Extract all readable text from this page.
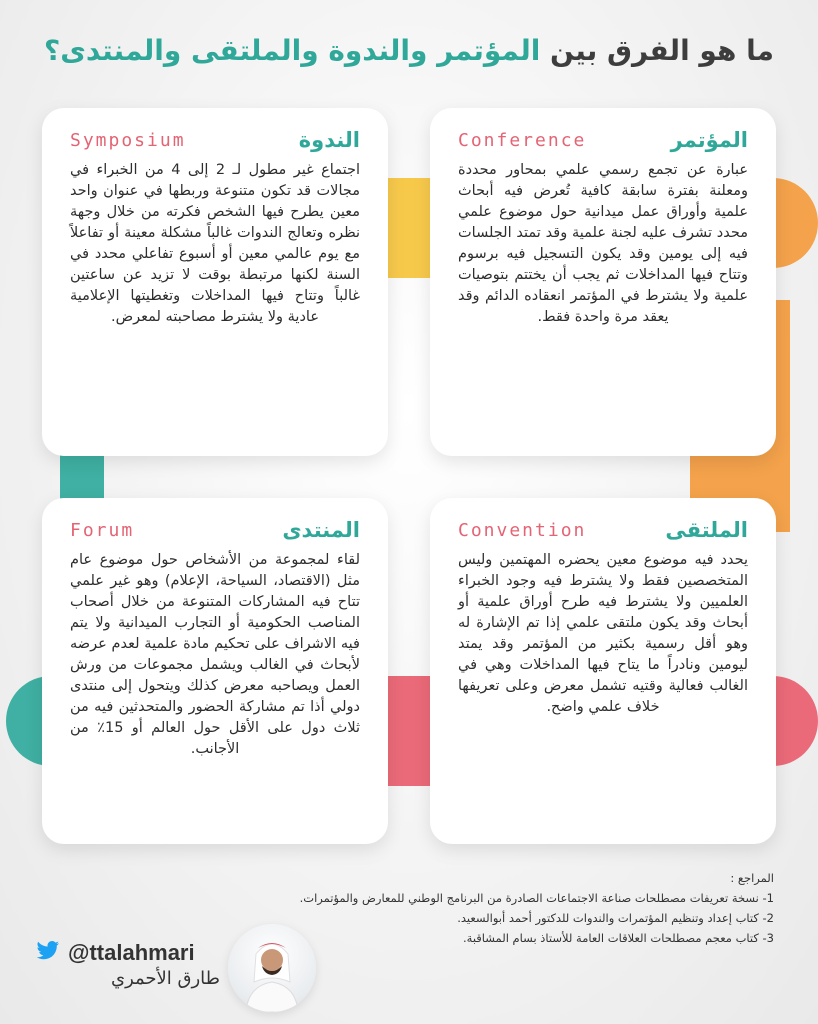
ما هو الفرق بين المؤتمر والندوة والملتقى والمنتدى؟
المؤتمر
Conference
عبارة عن تجمع رسمي علمي بمحاور محددة ومعلنة بفترة سابقة كافية تُعرض فيه أبحاث علمية وأوراق عمل ميدانية حول موضوع علمي محدد تشرف عليه لجنة علمية وقد تمتد الجلسات فيه إلى يومين وقد يكون التسجيل فيه برسوم وتتاح فيها المداخلات ثم يجب أن يختتم بتوصيات علمية ولا يشترط في المؤتمر انعقاده الدائم وقد يعقد مرة واحدة فقط.
الندوة
Symposium
اجتماع غير مطول لـ 2 إلى 4 من الخبراء في مجالات قد تكون متنوعة وربطها في عنوان واحد معين يطرح فيها الشخص فكرته من خلال وجهة نظره وتعالج الندوات غالباً مشكلة معينة أو تفاعلاً مع يوم عالمي معين أو أسبوع تفاعلي محدد في السنة لكنها مرتبطة بوقت لا تزيد عن ساعتين غالباً وتتاح فيها المداخلات وتغطيتها الإعلامية عادية ولا يشترط مصاحبته لمعرض.
الملتقى
Convention
يحدد فيه موضوع معين يحضره المهتمين وليس المتخصصين فقط ولا يشترط فيه وجود الخبراء العلميين ولا يشترط فيه طرح أوراق علمية أو أبحاث وقد يكون ملتقى علمي إذا تم الإشارة له وهو أقل رسمية بكثير من المؤتمر وقد يمتد ليومين ونادراً ما يتاح فيها المداخلات وهي في الغالب فعالية وقتيه تشمل معرض وعلى تعريفها خلاف علمي واضح.
المنتدى
Forum
لقاء لمجموعة من الأشخاص حول موضوع عام مثل (الاقتصاد، السياحة، الإعلام) وهو غير علمي تتاح فيه المشاركات المتنوعة من خلال أصحاب المناصب الحكومية أو التجارب الميدانية ولا يتم فيه الاشراف على تحكيم مادة علمية لعدم عرضه لأبحاث في الغالب ويشمل مجموعات من ورش العمل ويصاحبه معرض كذلك ويتحول إلى منتدى دولي أذا تم مشاركة الحضور والمتحدثين فيه من ثلاث دول على الأقل حول العالم أو 15٪ من الأجانب.
المراجع :
1- نسخة تعريفات مصطلحات صناعة الاجتماعات الصادرة من البرنامج الوطني للمعارض والمؤتمرات.
2- كتاب إعداد وتنظيم المؤتمرات والندوات للدكتور أحمد أبوالسعيد.
3- كتاب معجم مصطلحات العلاقات العامة للأستاذ بسام المشاقبة.
@ttalahmari
طارق الأحمري
